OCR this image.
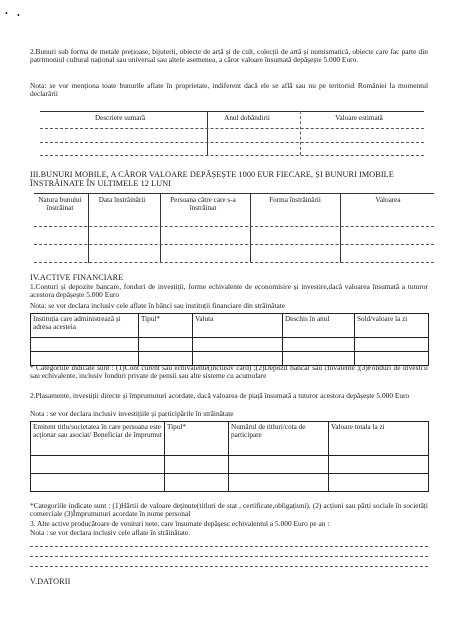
• •

2.Bunuri sub forma de metale prețioase, bijuterii, obiecte de artă și de cult, colecții de artă și numismatică, obiecte care fac parte din patrimoniul cultural național sau universal sau altele asemenea, a căror valoare însumată depășește 5.000 Euro.

Nota: se vor menționa toate bunurile aflate în proprietate, indiferent dacă ele se află sau nu pe teritoriul României la momentul declarării

Descriere sumară	Anul dobândirii	Valoare estimată

III.BUNURI MOBILE, A CĂROR VALOARE DEPĂȘEȘTE 1000 EUR FIECARE, ȘI BUNURI IMOBILE ÎNSTRĂINATE ÎN ULTIMELE 12 LUNI

Natura bunului înstrăinat	Data înstrăinării	Persoana către care s-a înstrăinat	Forma înstrăinării	Valoarea

IV.ACTIVE FINANCIARE

1.Conturi și depozite bancare, fonduri de investiții, forme echivalente de economisire și investire,dacă valoarea însumată a tuturor acestora depășește 5.000 Euro

Nota: se vor declara inclusiv cele aflate în bănci sau instituții financiare din străinătate

Instituția care administrează și adresa acesteia	Tipul*	Valuta	Deschis în anul	Sold/valoare la zi

* Categoriile indicate sunt : (1)Cont curent sau echivalente(inclusiv card) ;(2)Depozit bancar sau chivalente ;(3)Fonduri de investi'ii sau echivalente, inclusiv fonduri private de pensii sau alte sisteme cu acumulare

2.Plasamente, investiții directe și împrumuturi acordate, dacă valoarea de piață însumată a tuturor acestora depășește 5.000 Euro

Nota : se vor declara inclusiv investițiile și participările în străinătate

Emitent titlu/societatea în care persoana este acționar sau asociat/ Beneficiar de împrumut	Tipul*	Numărul de titluri/cota de participare	Valoare totala la zi

*Categoriile indicate sunt : (1)Hârtii de valoare deținute(titluri de stat , certificate,obligațiuni). (2) acțiuni sau părți sociale în societăți comerciale (3)Împrumuturi acordate în nume personal

3. Alte active producătoare de venituri nete, care însumate depășesc echivalentul a 5.000 Euro pe an :

Nota : se vor declara inclusiv cele aflate în străinătate.

V.DATORII
